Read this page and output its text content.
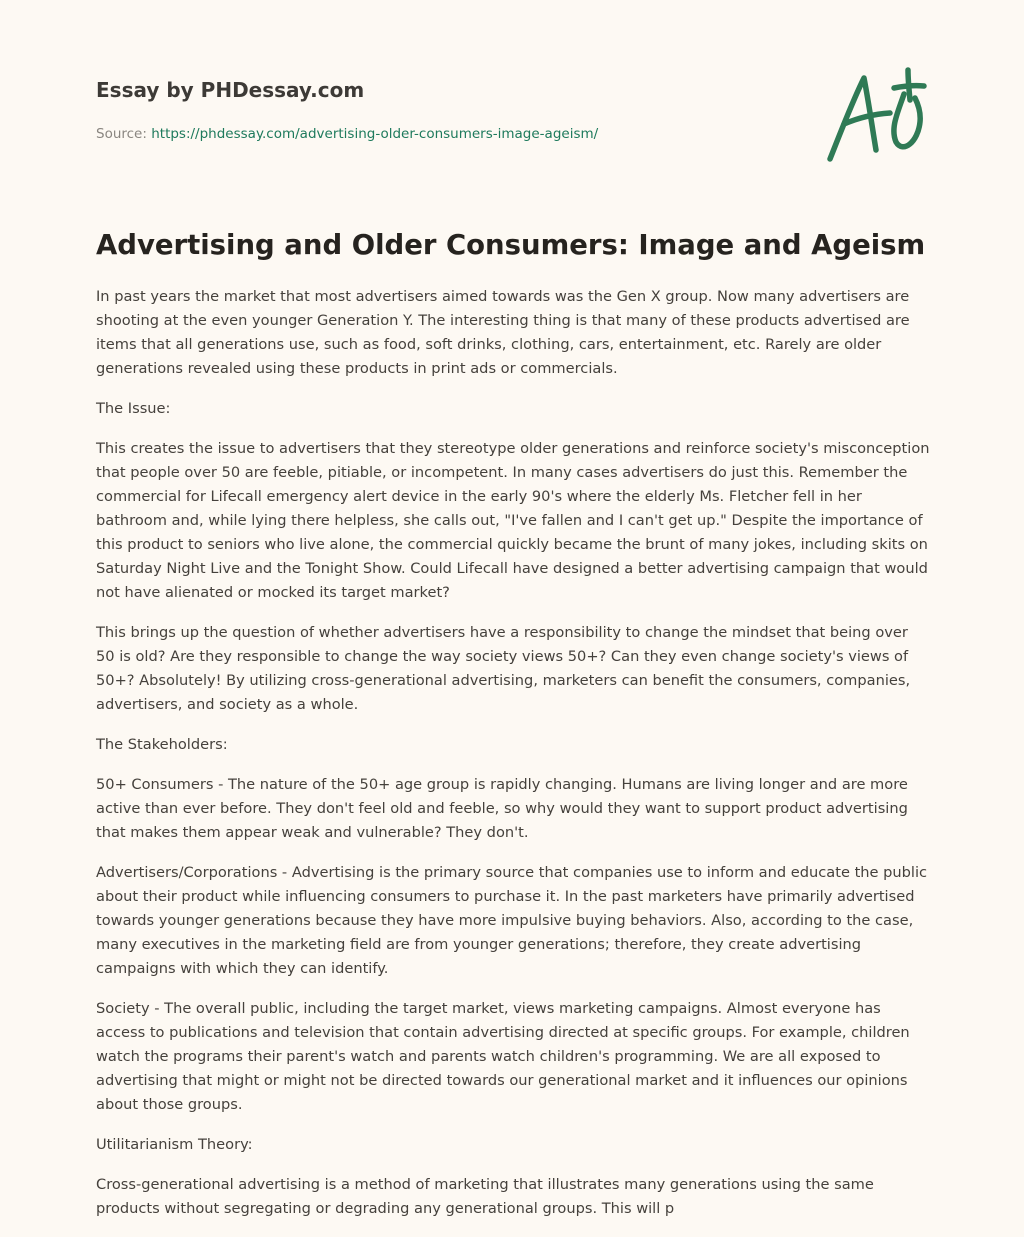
Essay by PHDessay.com
Source: https://phdessay.com/advertising-older-consumers-image-ageism/
Advertising and Older Consumers: Image and Ageism

In past years the market that most advertisers aimed towards was the Gen X group. Now many advertisers are shooting at the even younger Generation Y. The interesting thing is that many of these products advertised are items that all generations use, such as food, soft drinks, clothing, cars, entertainment, etc. Rarely are older generations revealed using these products in print ads or commercials.

The Issue:

This creates the issue to advertisers that they stereotype older generations and reinforce society's misconception that people over 50 are feeble, pitiable, or incompetent. In many cases advertisers do just this. Remember the commercial for Lifecall emergency alert device in the early 90's where the elderly Ms. Fletcher fell in her bathroom and, while lying there helpless, she calls out, "I've fallen and I can't get up." Despite the importance of this product to seniors who live alone, the commercial quickly became the brunt of many jokes, including skits on Saturday Night Live and the Tonight Show. Could Lifecall have designed a better advertising campaign that would not have alienated or mocked its target market?

This brings up the question of whether advertisers have a responsibility to change the mindset that being over 50 is old? Are they responsible to change the way society views 50+? Can they even change society's views of 50+? Absolutely! By utilizing cross-generational advertising, marketers can benefit the consumers, companies, advertisers, and society as a whole.

The Stakeholders:

50+ Consumers - The nature of the 50+ age group is rapidly changing. Humans are living longer and are more active than ever before. They don't feel old and feeble, so why would they want to support product advertising that makes them appear weak and vulnerable? They don't.

Advertisers/Corporations - Advertising is the primary source that companies use to inform and educate the public about their product while influencing consumers to purchase it. In the past marketers have primarily advertised towards younger generations because they have more impulsive buying behaviors. Also, according to the case, many executives in the marketing field are from younger generations; therefore, they create advertising campaigns with which they can identify.

Society - The overall public, including the target market, views marketing campaigns. Almost everyone has access to publications and television that contain advertising directed at specific groups. For example, children watch the programs their parent's watch and parents watch children's programming. We are all exposed to advertising that might or might not be directed towards our generational market and it influences our opinions about those groups.

Utilitarianism Theory:

Cross-generational advertising is a method of marketing that illustrates many generations using the same products without segregating or degrading any generational groups. This will p
